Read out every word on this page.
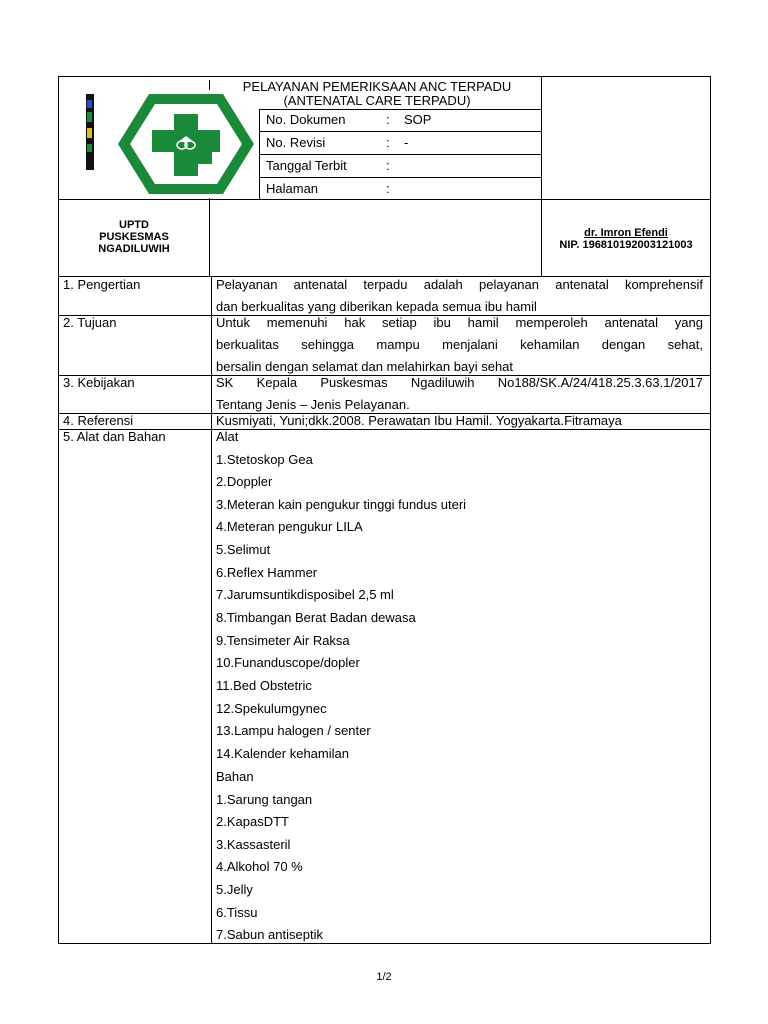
PELAYANAN PEMERIKSAAN ANC TERPADU
(ANTENATAL CARE TERPADU)
No. Dokumen	: SOP
No. Revisi	: -
Tanggal Terbit	:
Halaman	:
UPTD
PUSKESMAS
NGADILUWIH
dr. Imron Efendi
NIP. 196810192003121003
1. Pengertian	Pelayanan antenatal terpadu adalah pelayanan antenatal komprehensif
dan berkualitas yang diberikan kepada semua ibu hamil
2. Tujuan	Untuk memenuhi hak setiap ibu hamil memperoleh antenatal yang
berkualitas sehingga mampu menjalani kehamilan dengan sehat,
bersalin dengan selamat dan melahirkan bayi sehat
3. Kebijakan	SK Kepala Puskesmas Ngadiluwih No188/SK.A/24/418.25.3.63.1/2017
Tentang Jenis – Jenis Pelayanan.
4. Referensi	Kusmiyati, Yuni;dkk.2008. Perawatan Ibu Hamil. Yogyakarta.Fitramaya
5. Alat dan Bahan	Alat
1.Stetoskop Gea
2.Doppler
3.Meteran kain pengukur tinggi fundus uteri
4.Meteran pengukur LILA
5.Selimut
6.Reflex Hammer
7.Jarumsuntikdisposibel 2,5 ml
8.Timbangan Berat Badan dewasa
9.Tensimeter Air Raksa
10.Funanduscope/dopler
11.Bed Obstetric
12.Spekulumgynec
13.Lampu halogen / senter
14.Kalender kehamilan
Bahan
1.Sarung tangan
2.KapasDTT
3.Kassasteril
4.Alkohol 70 %
5.Jelly
6.Tissu
7.Sabun antiseptik
1/2
